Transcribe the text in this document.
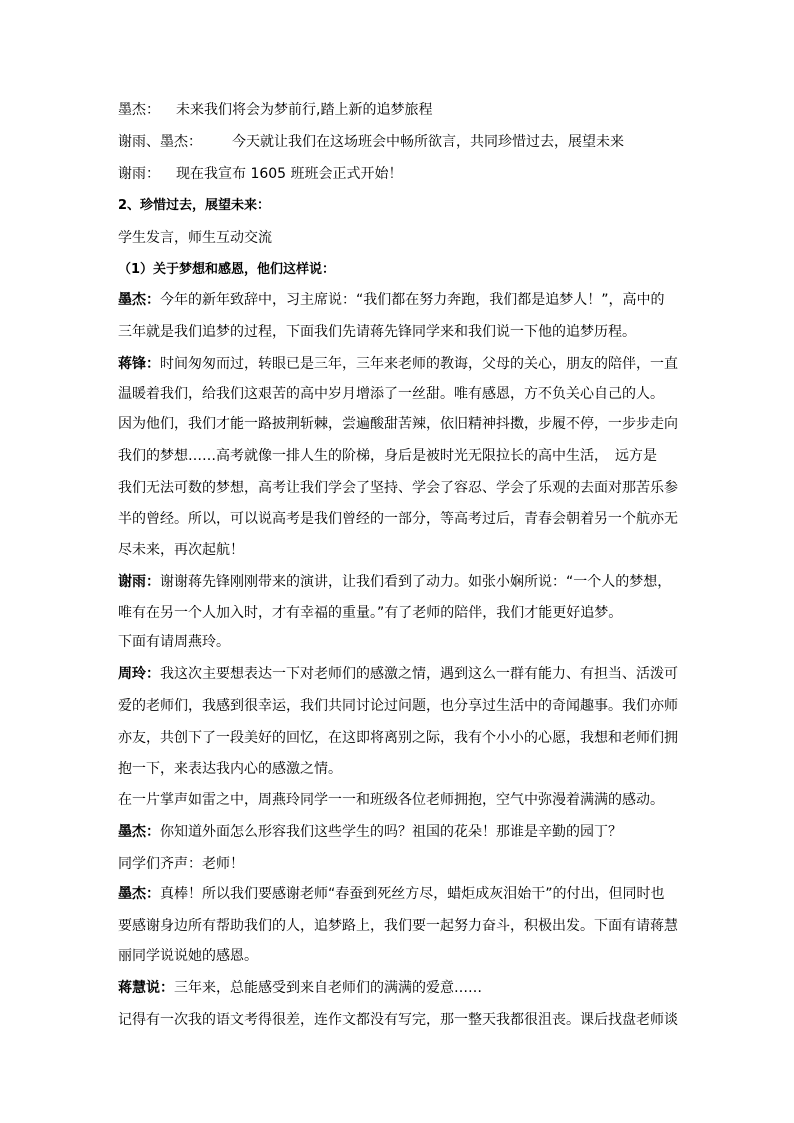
墨杰： 未来我们将会为梦前行,踏上新的追梦旅程
谢雨、墨杰： 今天就让我们在这场班会中畅所欲言，共同珍惜过去，展望未来
谢雨： 现在我宣布 1605 班班会正式开始！
2、珍惜过去，展望未来：
学生发言，师生互动交流
（1）关于梦想和感恩，他们这样说：
墨杰：今年的新年致辞中，习主席说：“我们都在努力奔跑，我们都是追梦人！”，高中的
三年就是我们追梦的过程，下面我们先请蒋先锋同学来和我们说一下他的追梦历程。
蒋锋：时间匆匆而过，转眼已是三年，三年来老师的教诲，父母的关心，朋友的陪伴，一直
温暖着我们，给我们这艰苦的高中岁月增添了一丝甜。唯有感恩，方不负关心自己的人。
因为他们，我们才能一路披荆斩棘，尝遍酸甜苦辣，依旧精神抖擞，步履不停，一步步走向
我们的梦想……高考就像一排人生的阶梯，身后是被时光无限拉长的高中生活，　远方是
我们无法可数的梦想，高考让我们学会了坚持、学会了容忍、学会了乐观的去面对那苦乐参
半的曾经。所以，可以说高考是我们曾经的一部分，等高考过后，青春会朝着另一个航亦无
尽未来，再次起航！
谢雨：谢谢蒋先锋刚刚带来的演讲，让我们看到了动力。如张小娴所说：“一个人的梦想，
唯有在另一个人加入时，才有幸福的重量。”有了老师的陪伴，我们才能更好追梦。
下面有请周燕玲。
周玲：我这次主要想表达一下对老师们的感激之情，遇到这么一群有能力、有担当、活泼可
爱的老师们，我感到很幸运，我们共同讨论过问题，也分享过生活中的奇闻趣事。我们亦师
亦友，共创下了一段美好的回忆，在这即将离别之际，我有个小小的心愿，我想和老师们拥
抱一下，来表达我内心的感激之情。
在一片掌声如雷之中，周燕玲同学一一和班级各位老师拥抱，空气中弥漫着满满的感动。
墨杰：你知道外面怎么形容我们这些学生的吗？祖国的花朵！那谁是辛勤的园丁？
同学们齐声：老师！
墨杰：真棒！所以我们要感谢老师“春蚕到死丝方尽，蜡炬成灰泪始干”的付出，但同时也
要感谢身边所有帮助我们的人，追梦路上，我们要一起努力奋斗，积极出发。下面有请蒋慧
丽同学说说她的感恩。
蒋慧说：三年来，总能感受到来自老师们的满满的爱意……
记得有一次我的语文考得很差，连作文都没有写完，那一整天我都很沮丧。课后找盘老师谈
